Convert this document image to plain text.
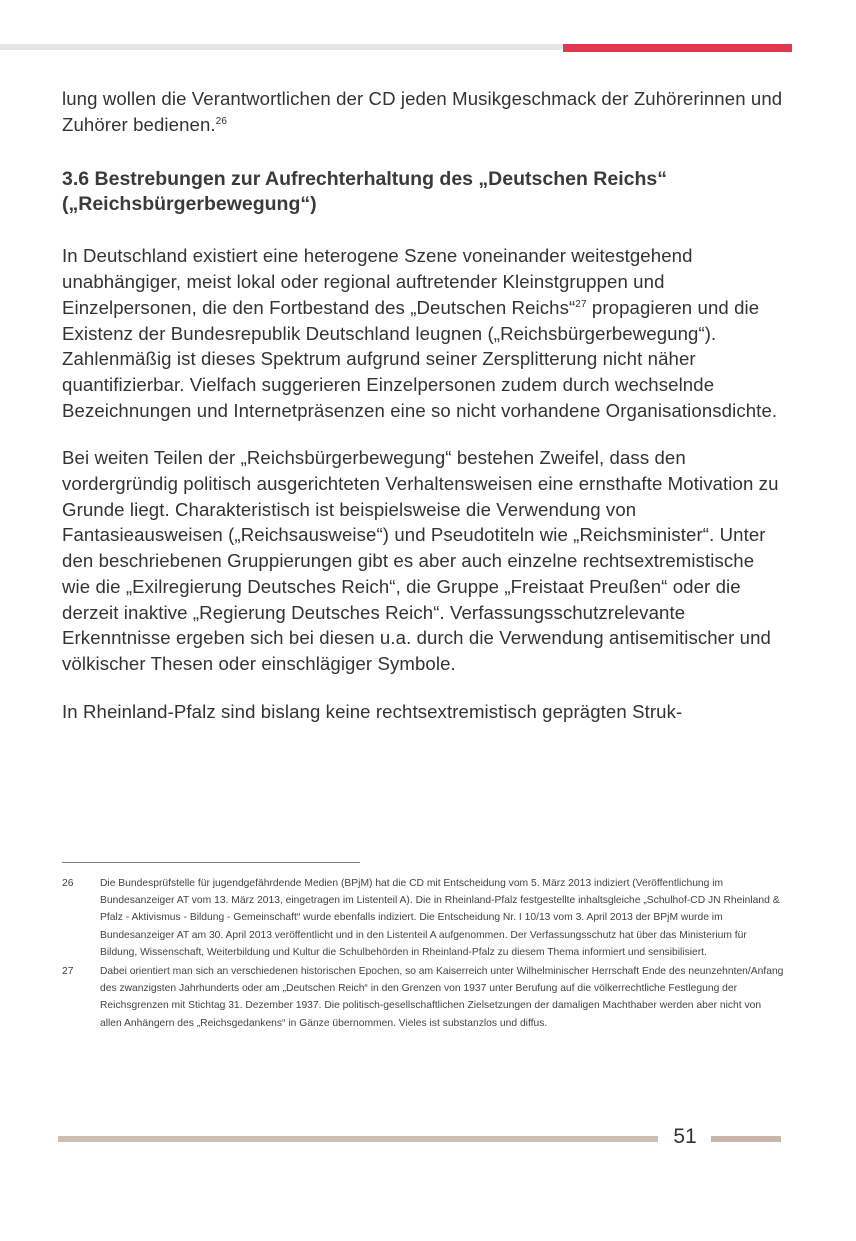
lung wollen die Verantwortlichen der CD jeden Musikgeschmack der Zuhörerinnen und Zuhörer bedienen.$^{26}$

3.6 Bestrebungen zur Aufrechterhaltung des „Deutschen Reichs“ („Reichsbürgerbewegung“)

In Deutschland existiert eine heterogene Szene voneinander weitestgehend unabhängiger, meist lokal oder regional auftretender Kleinstgruppen und Einzelpersonen, die den Fortbestand des „Deutschen Reichs“$^{27}$ propagieren und die Existenz der Bundesrepublik Deutschland leugnen („Reichsbürgerbewegung“). Zahlenmäßig ist dieses Spektrum aufgrund seiner Zersplitterung nicht näher quantifizierbar. Vielfach suggerieren Einzelpersonen zudem durch wechselnde Bezeichnungen und Internetpräsenzen eine so nicht vorhandene Organisationsdichte.

Bei weiten Teilen der „Reichsbürgerbewegung“ bestehen Zweifel, dass den vordergründig politisch ausgerichteten Verhaltensweisen eine ernsthafte Motivation zu Grunde liegt. Charakteristisch ist beispielsweise die Verwendung von Fantasieausweisen („Reichsausweise“) und Pseudotiteln wie „Reichsminister“. Unter den beschriebenen Gruppierungen gibt es aber auch einzelne rechtsextremistische wie die „Exilregierung Deutsches Reich“, die Gruppe „Freistaat Preußen“ oder die derzeit inaktive „Regierung Deutsches Reich“. Verfassungsschutzrelevante Erkenntnisse ergeben sich bei diesen u.a. durch die Verwendung antisemitischer und völkischer Thesen oder einschlägiger Symbole.

In Rheinland-Pfalz sind bislang keine rechtsextremistisch geprägten Struk-

26	Die Bundesprüfstelle für jugendgefährdende Medien (BPjM) hat die CD mit Entscheidung vom 5. März 2013 indiziert (Veröffentlichung im Bundesanzeiger AT vom 13. März 2013, eingetragen im Listenteil A). Die in Rheinland-Pfalz festgestellte inhaltsgleiche „Schulhof-CD JN Rheinland & Pfalz - Aktivismus - Bildung - Gemeinschaft“ wurde ebenfalls indiziert. Die Entscheidung Nr. I 10/13 vom 3. April 2013 der BPjM wurde im Bundesanzeiger AT am 30. April 2013 veröffentlicht und in den Listenteil A aufgenommen. Der Verfassungsschutz hat über das Ministerium für Bildung, Wissenschaft, Weiterbildung und Kultur die Schulbehörden in Rheinland-Pfalz zu diesem Thema informiert und sensibilisiert.
27	Dabei orientiert man sich an verschiedenen historischen Epochen, so am Kaiserreich unter Wilhelminischer Herrschaft Ende des neunzehnten/Anfang des zwanzigsten Jahrhunderts oder am „Deutschen Reich“ in den Grenzen von 1937 unter Berufung auf die völkerrechtliche Festlegung der Reichsgrenzen mit Stichtag 31. Dezember 1937. Die politisch-gesellschaftlichen Zielsetzungen der damaligen Machthaber werden aber nicht von allen Anhängern des „Reichsgedankens“ in Gänze übernommen. Vieles ist substanzlos und diffus.
51
